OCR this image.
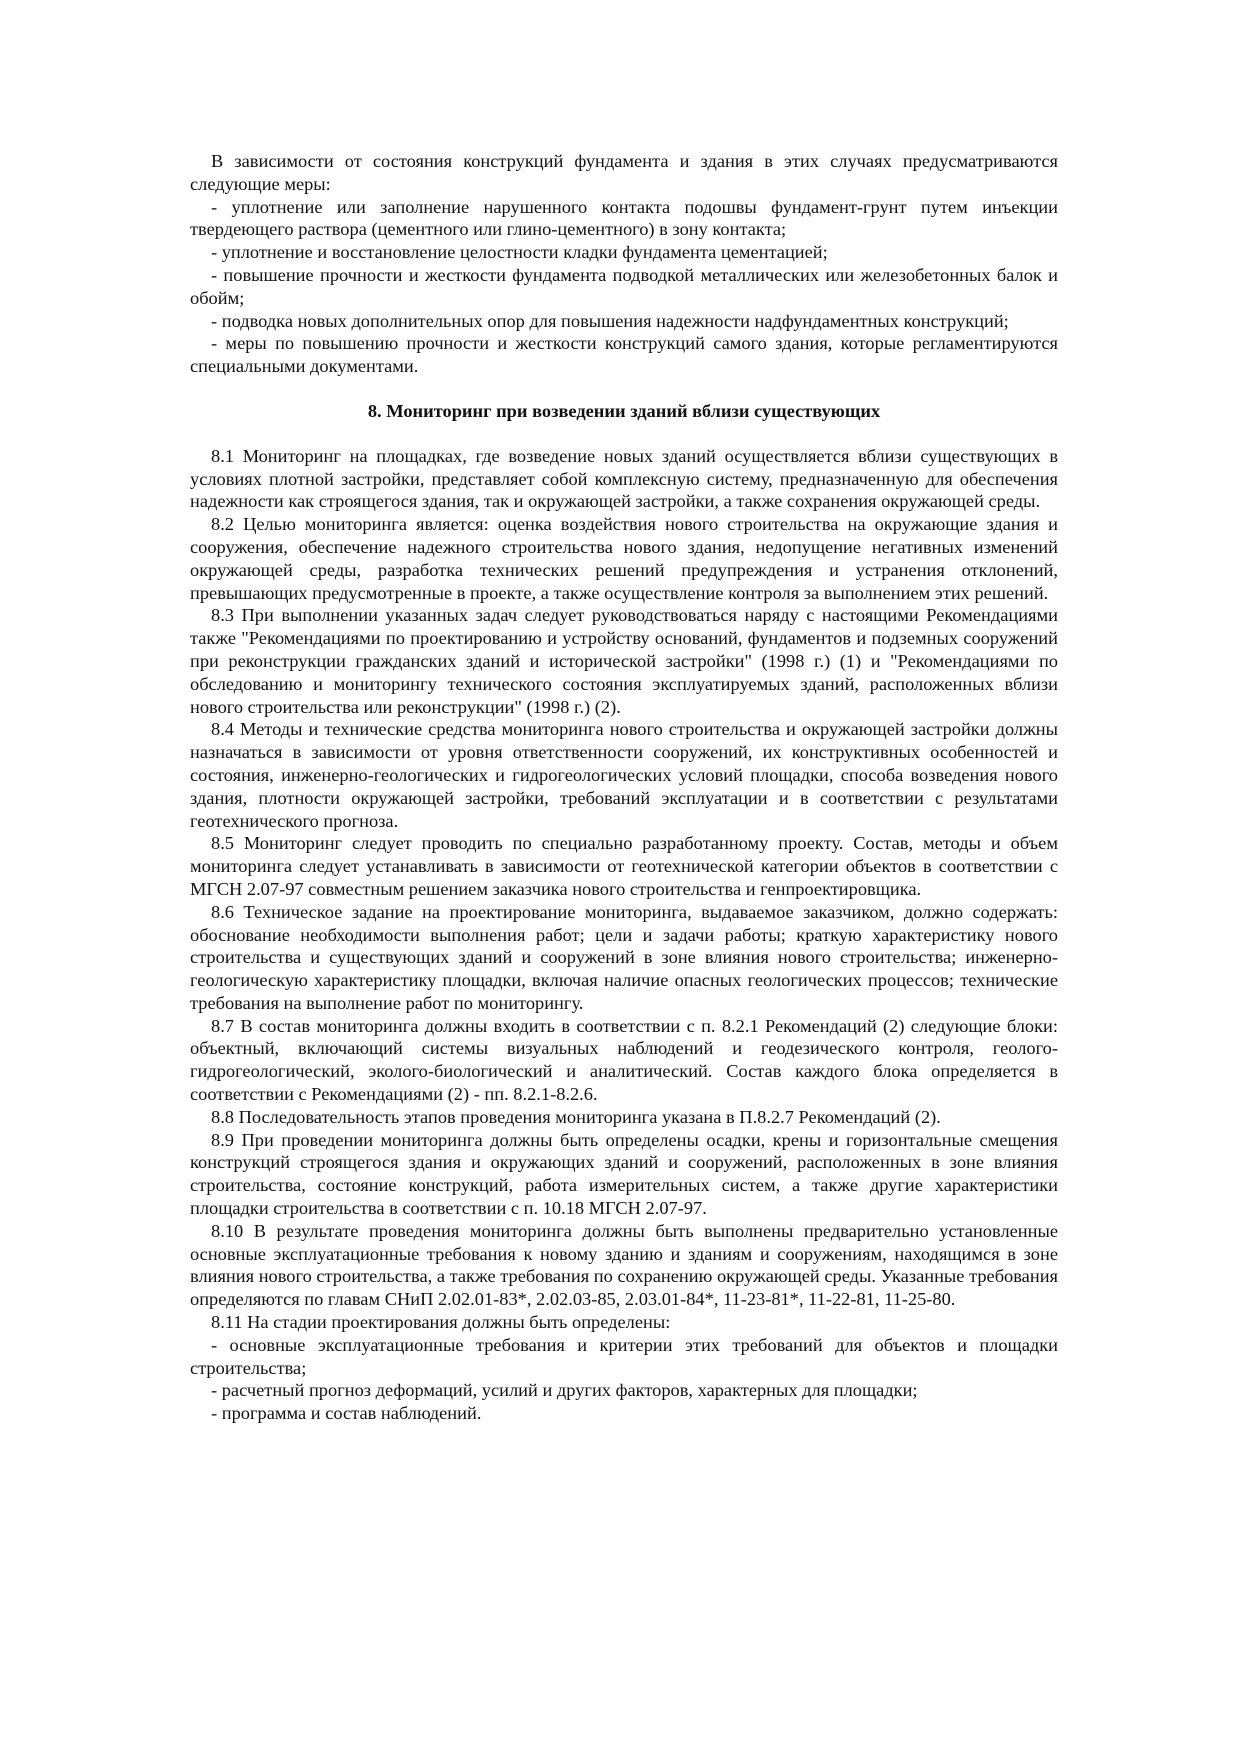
В зависимости от состояния конструкций фундамента и здания в этих случаях предусматриваются следующие меры:

- уплотнение или заполнение нарушенного контакта подошвы фундамент-грунт путем инъекции твердеющего раствора (цементного или глино-цементного) в зону контакта;

- уплотнение и восстановление целостности кладки фундамента цементацией;

- повышение прочности и жесткости фундамента подводкой металлических или железобетонных балок и обойм;

- подводка новых дополнительных опор для повышения надежности надфундаментных конструкций;

- меры по повышению прочности и жесткости конструкций самого здания, которые регламентируются специальными документами.

8. Мониторинг при возведении зданий вблизи существующих

8.1 Мониторинг на площадках, где возведение новых зданий осуществляется вблизи существующих в условиях плотной застройки, представляет собой комплексную систему, предназначенную для обеспечения надежности как строящегося здания, так и окружающей застройки, а также сохранения окружающей среды.

8.2 Целью мониторинга является: оценка воздействия нового строительства на окружающие здания и сооружения, обеспечение надежного строительства нового здания, недопущение негативных изменений окружающей среды, разработка технических решений предупреждения и устранения отклонений, превышающих предусмотренные в проекте, а также осуществление контроля за выполнением этих решений.

8.3 При выполнении указанных задач следует руководствоваться наряду с настоящими Рекомендациями также "Рекомендациями по проектированию и устройству оснований, фундаментов и подземных сооружений при реконструкции гражданских зданий и исторической застройки" (1998 г.) (1) и "Рекомендациями по обследованию и мониторингу технического состояния эксплуатируемых зданий, расположенных вблизи нового строительства или реконструкции" (1998 г.) (2).

8.4 Методы и технические средства мониторинга нового строительства и окружающей застройки должны назначаться в зависимости от уровня ответственности сооружений, их конструктивных особенностей и состояния, инженерно-геологических и гидрогеологических условий площадки, способа возведения нового здания, плотности окружающей застройки, требований эксплуатации и в соответствии с результатами геотехнического прогноза.

8.5 Мониторинг следует проводить по специально разработанному проекту. Состав, методы и объем мониторинга следует устанавливать в зависимости от геотехнической категории объектов в соответствии с МГСН 2.07-97 совместным решением заказчика нового строительства и генпроектировщика.

8.6 Техническое задание на проектирование мониторинга, выдаваемое заказчиком, должно содержать: обоснование необходимости выполнения работ; цели и задачи работы; краткую характеристику нового строительства и существующих зданий и сооружений в зоне влияния нового строительства; инженерно-геологическую характеристику площадки, включая наличие опасных геологических процессов; технические требования на выполнение работ по мониторингу.

8.7 В состав мониторинга должны входить в соответствии с п. 8.2.1 Рекомендаций (2) следующие блоки: объектный, включающий системы визуальных наблюдений и геодезического контроля, геолого-гидрогеологический, эколого-биологический и аналитический. Состав каждого блока определяется в соответствии с Рекомендациями (2) - пп. 8.2.1-8.2.6.

8.8 Последовательность этапов проведения мониторинга указана в П.8.2.7 Рекомендаций (2).

8.9 При проведении мониторинга должны быть определены осадки, крены и горизонтальные смещения конструкций строящегося здания и окружающих зданий и сооружений, расположенных в зоне влияния строительства, состояние конструкций, работа измерительных систем, а также другие характеристики площадки строительства в соответствии с п. 10.18 МГСН 2.07-97.

8.10 В результате проведения мониторинга должны быть выполнены предварительно установленные основные эксплуатационные требования к новому зданию и зданиям и сооружениям, находящимся в зоне влияния нового строительства, а также требования по сохранению окружающей среды. Указанные требования определяются по главам СНиП 2.02.01-83*, 2.02.03-85, 2.03.01-84*, 11-23-81*, 11-22-81, 11-25-80.

8.11 На стадии проектирования должны быть определены:

- основные эксплуатационные требования и критерии этих требований для объектов и площадки строительства;

- расчетный прогноз деформаций, усилий и других факторов, характерных для площадки;

- программа и состав наблюдений.
